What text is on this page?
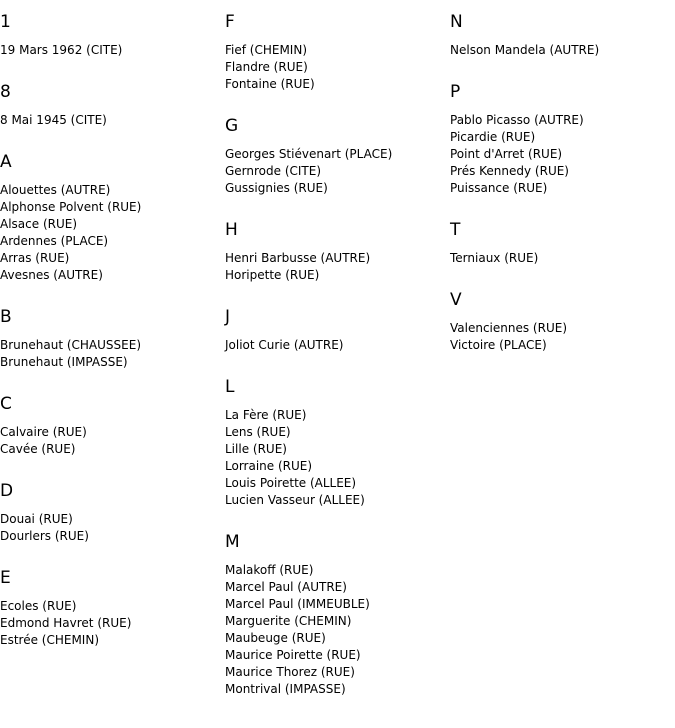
1
19 Mars 1962 (CITE)
8
8 Mai 1945 (CITE)
A
Alouettes (AUTRE)
Alphonse Polvent (RUE)
Alsace (RUE)
Ardennes (PLACE)
Arras (RUE)
Avesnes (AUTRE)
B
Brunehaut (CHAUSSEE)
Brunehaut (IMPASSE)
C
Calvaire (RUE)
Cavée (RUE)
D
Douai (RUE)
Dourlers (RUE)
E
Ecoles (RUE)
Edmond Havret (RUE)
Estrée (CHEMIN)
F
Fief (CHEMIN)
Flandre (RUE)
Fontaine (RUE)
G
Georges Stiévenart (PLACE)
Gernrode (CITE)
Gussignies (RUE)
H
Henri Barbusse (AUTRE)
Horipette (RUE)
J
Joliot Curie (AUTRE)
L
La Fère (RUE)
Lens (RUE)
Lille (RUE)
Lorraine (RUE)
Louis Poirette (ALLEE)
Lucien Vasseur (ALLEE)
M
Malakoff (RUE)
Marcel Paul (AUTRE)
Marcel Paul (IMMEUBLE)
Marguerite (CHEMIN)
Maubeuge (RUE)
Maurice Poirette (RUE)
Maurice Thorez (RUE)
Montrival (IMPASSE)
N
Nelson Mandela (AUTRE)
P
Pablo Picasso (AUTRE)
Picardie (RUE)
Point d'Arret (RUE)
Prés Kennedy (RUE)
Puissance (RUE)
T
Terniaux (RUE)
V
Valenciennes (RUE)
Victoire (PLACE)
